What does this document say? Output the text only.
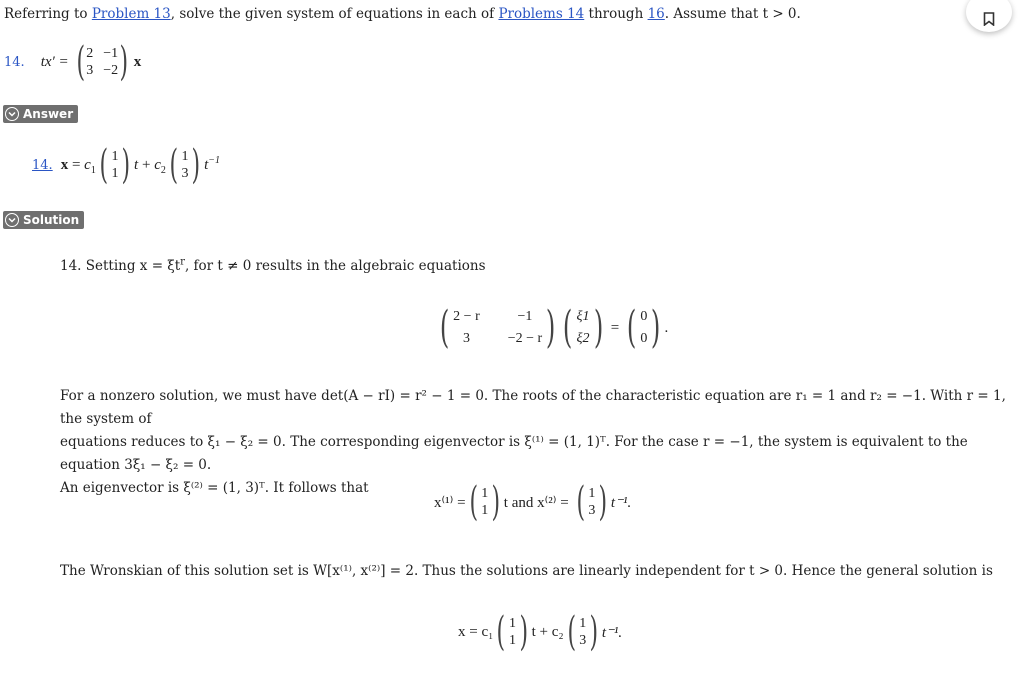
Referring to Problem 13, solve the given system of equations in each of Problems 14 through 16. Assume that t > 0.
14. tx′ = ( 2 −1
3 −2 ) x
Answer
14. $x = c_1$ ( 1
1 ) $t + c_2$ ( 1
3 ) $t^{-1}$
Solution
14. Setting $x = \xi t^r$, for t ≠ 0 results in the algebraic equations
( 2 − r	−1
3	−2 − r ) ( ξ1
ξ2 ) = ( 0
0 ) .

For a nonzero solution, we must have det(A − rI) = r² − 1 = 0. The roots of the characteristic equation are r₁ = 1 and r₂ = −1. With r = 1, the system of
equations reduces to ξ₁ − ξ₂ = 0. The corresponding eigenvector is ξ⁽¹⁾ = (1, 1)ᵀ. For the case r = −1, the system is equivalent to the equation 3ξ₁ − ξ₂ = 0.
An eigenvector is ξ⁽²⁾ = (1, 3)ᵀ. It follows that

x⁽¹⁾ = ( 1
1 ) t and x⁽²⁾ = ( 1
3 ) t⁻¹.

The Wronskian of this solution set is W[x⁽¹⁾, x⁽²⁾] = 2. Thus the solutions are linearly independent for t > 0. Hence the general solution is

x = c₁ ( 1
1 ) t + c₂ ( 1
3 ) t⁻¹.
